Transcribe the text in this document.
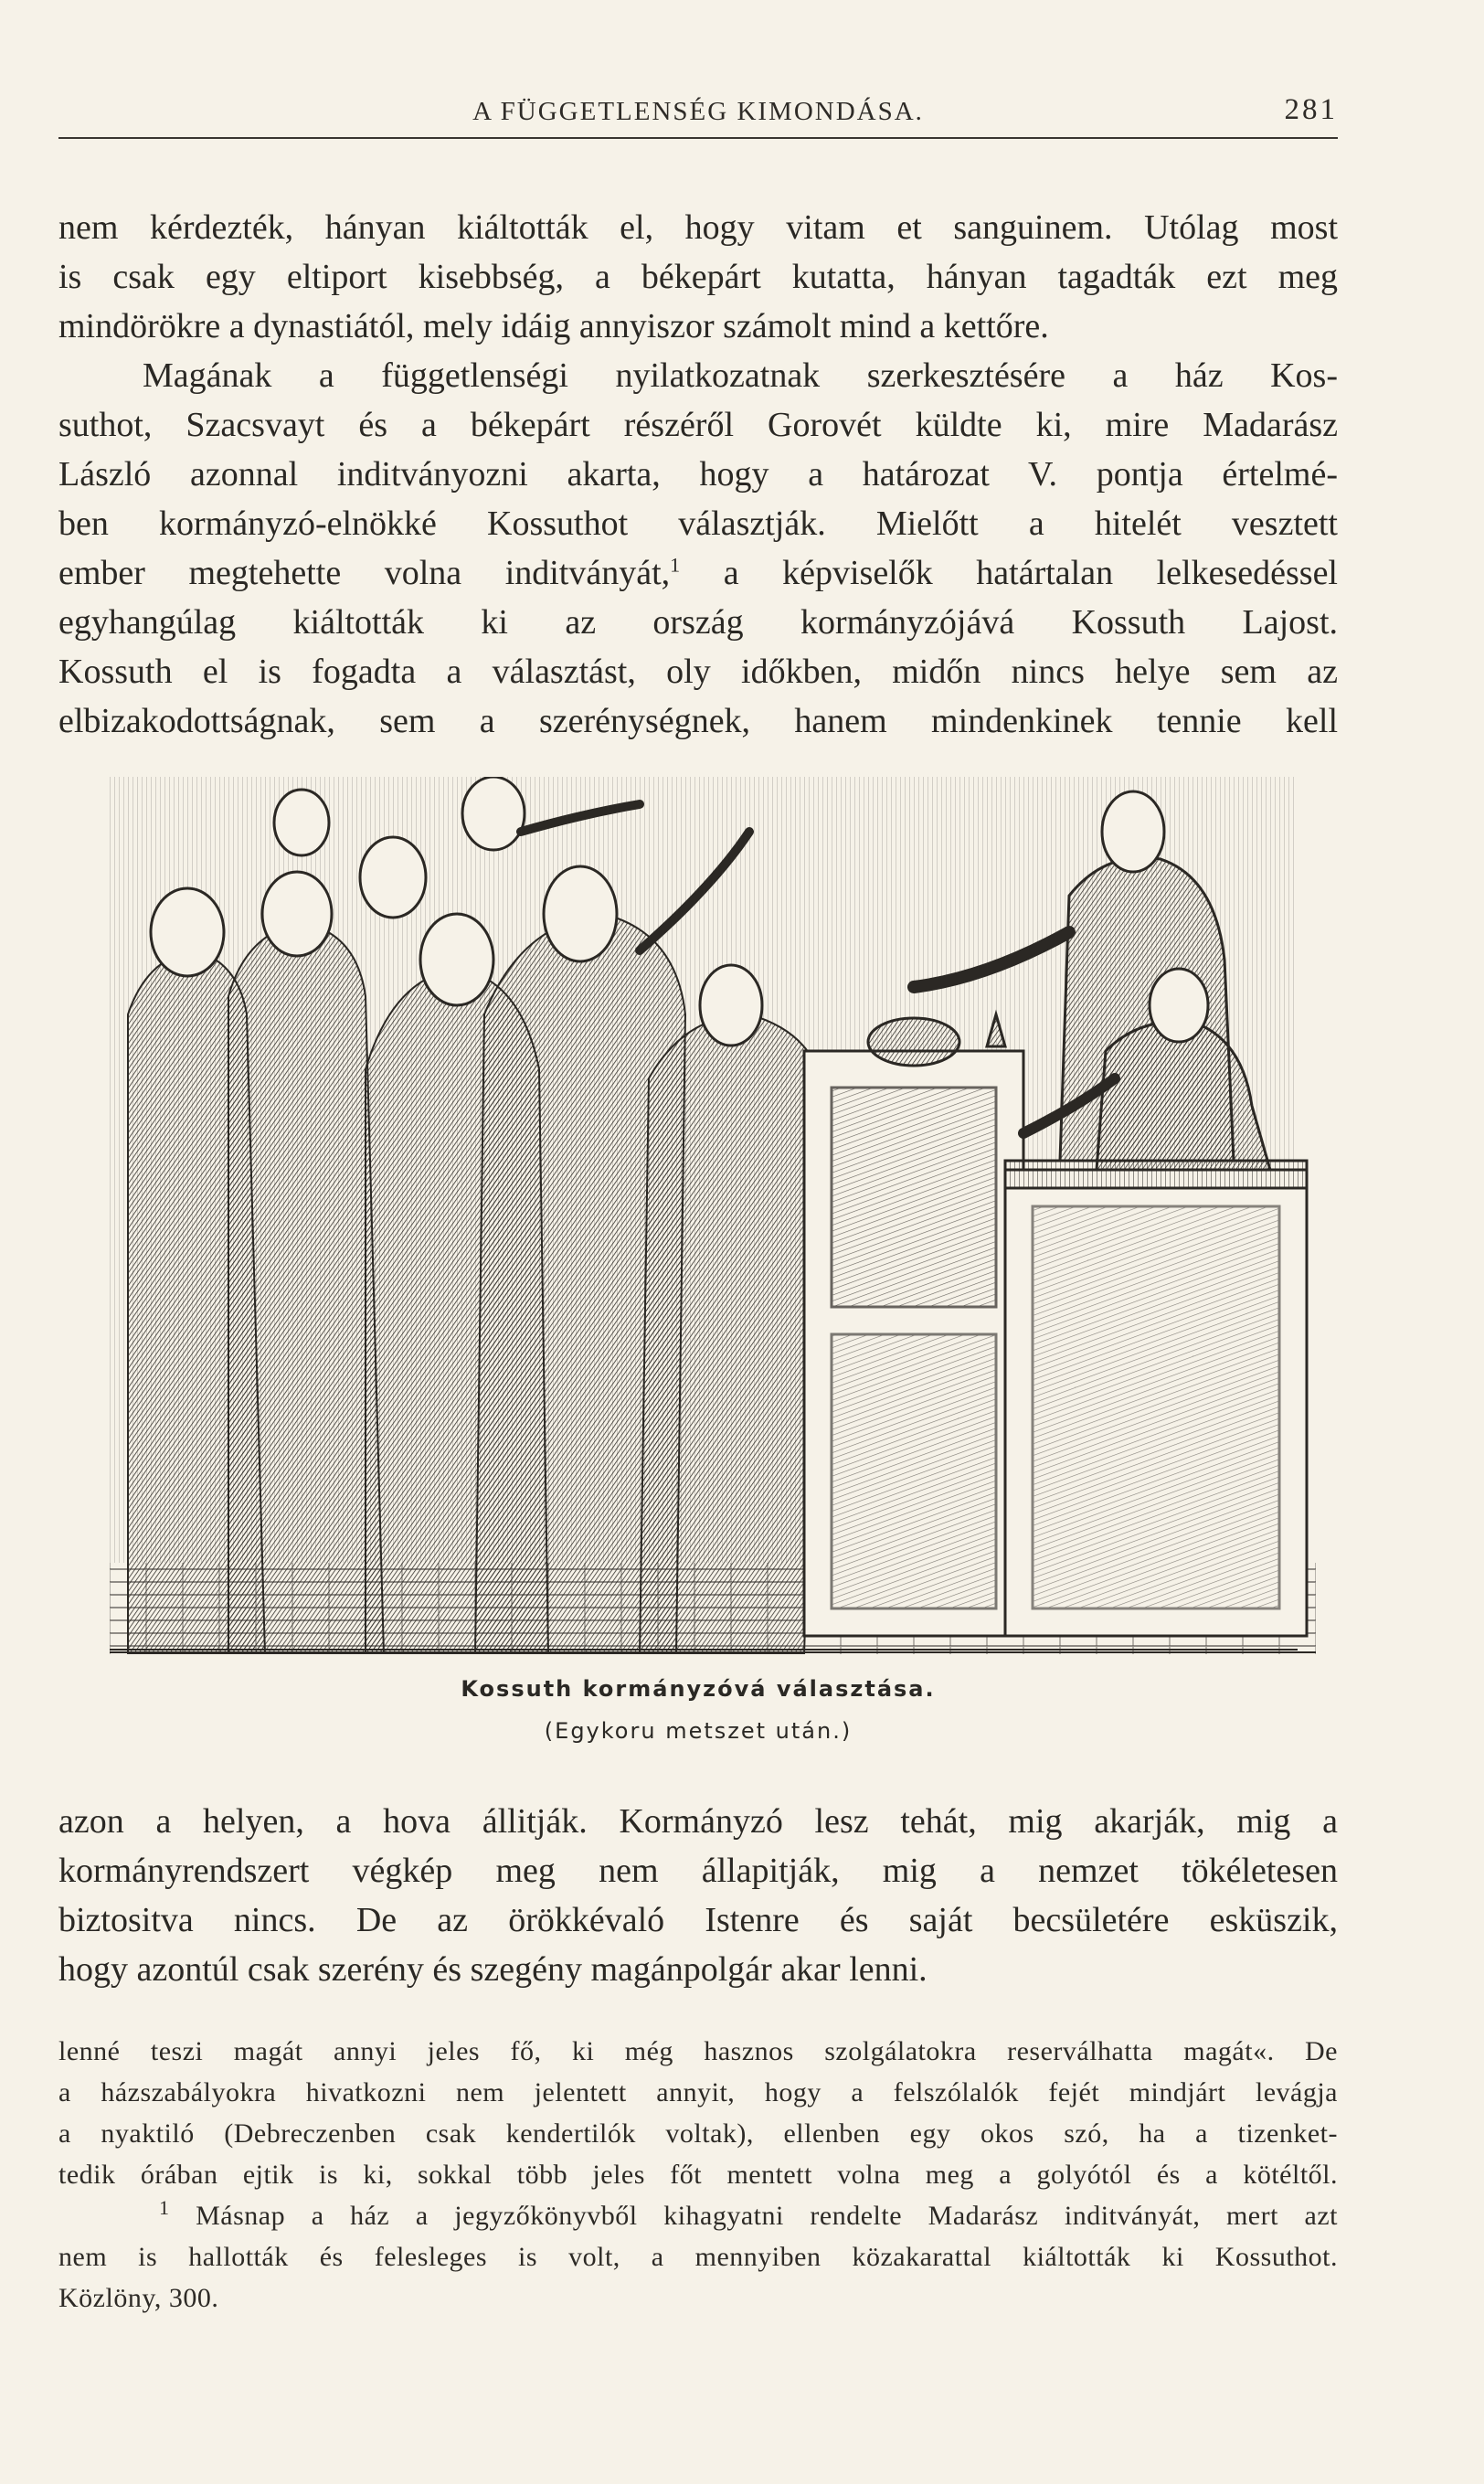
A FÜGGETLENSÉG KIMONDÁSA.	281

nem kérdezték, hányan kiáltották el, hogy vitam et sanguinem. Utólag most
is csak egy eltiport kisebbség, a békepárt kutatta, hányan tagadták ezt meg
mindörökre a dynastiától, mely idáig annyiszor számolt mind a kettőre.

Magának a függetlenségi nyilatkozatnak szerkesztésére a ház Kos-
suthot, Szacsvayt és a békepárt részéről Gorovét küldte ki, mire Madarász
László azonnal inditványozni akarta, hogy a határozat V. pontja értelmé-
ben kormányzó-elnökké Kossuthot választják. Mielőtt a hitelét vesztett
ember megtehette volna inditványát,$^1$ a képviselők határtalan lelkesedéssel
egyhangúlag kiáltották ki az ország kormányzójává Kossuth Lajost.
Kossuth el is fogadta a választást, oly időkben, midőn nincs helye sem az
elbizakodottságnak, sem a szerénységnek, hanem mindenkinek tennie kell

Kossuth kormányzóvá választása.
(Egykoru metszet után.)

azon a helyen, a hova állitják. Kormányzó lesz tehát, mig akarják, mig a
kormányrendszert végkép meg nem állapitják, mig a nemzet tökéletesen
biztositva nincs. De az örökkévaló Istenre és saját becsületére esküszik,
hogy azontúl csak szerény és szegény magánpolgár akar lenni.

lenné teszi magát annyi jeles fő, ki még hasznos szolgálatokra reserválhatta magát«. De
a házszabályokra hivatkozni nem jelentett annyit, hogy a felszólalók fejét mindjárt levágja
a nyaktiló (Debreczenben csak kendertilók voltak), ellenben egy okos szó, ha a tizenket-
tedik órában ejtik is ki, sokkal több jeles főt mentett volna meg a golyótól és a kötéltől.
$^1$ Másnap a ház a jegyzőkönyvből kihagyatni rendelte Madarász inditványát, mert azt
nem is hallották és felesleges is volt, a mennyiben közakarattal kiáltották ki Kossuthot.
Közlöny, 300.
